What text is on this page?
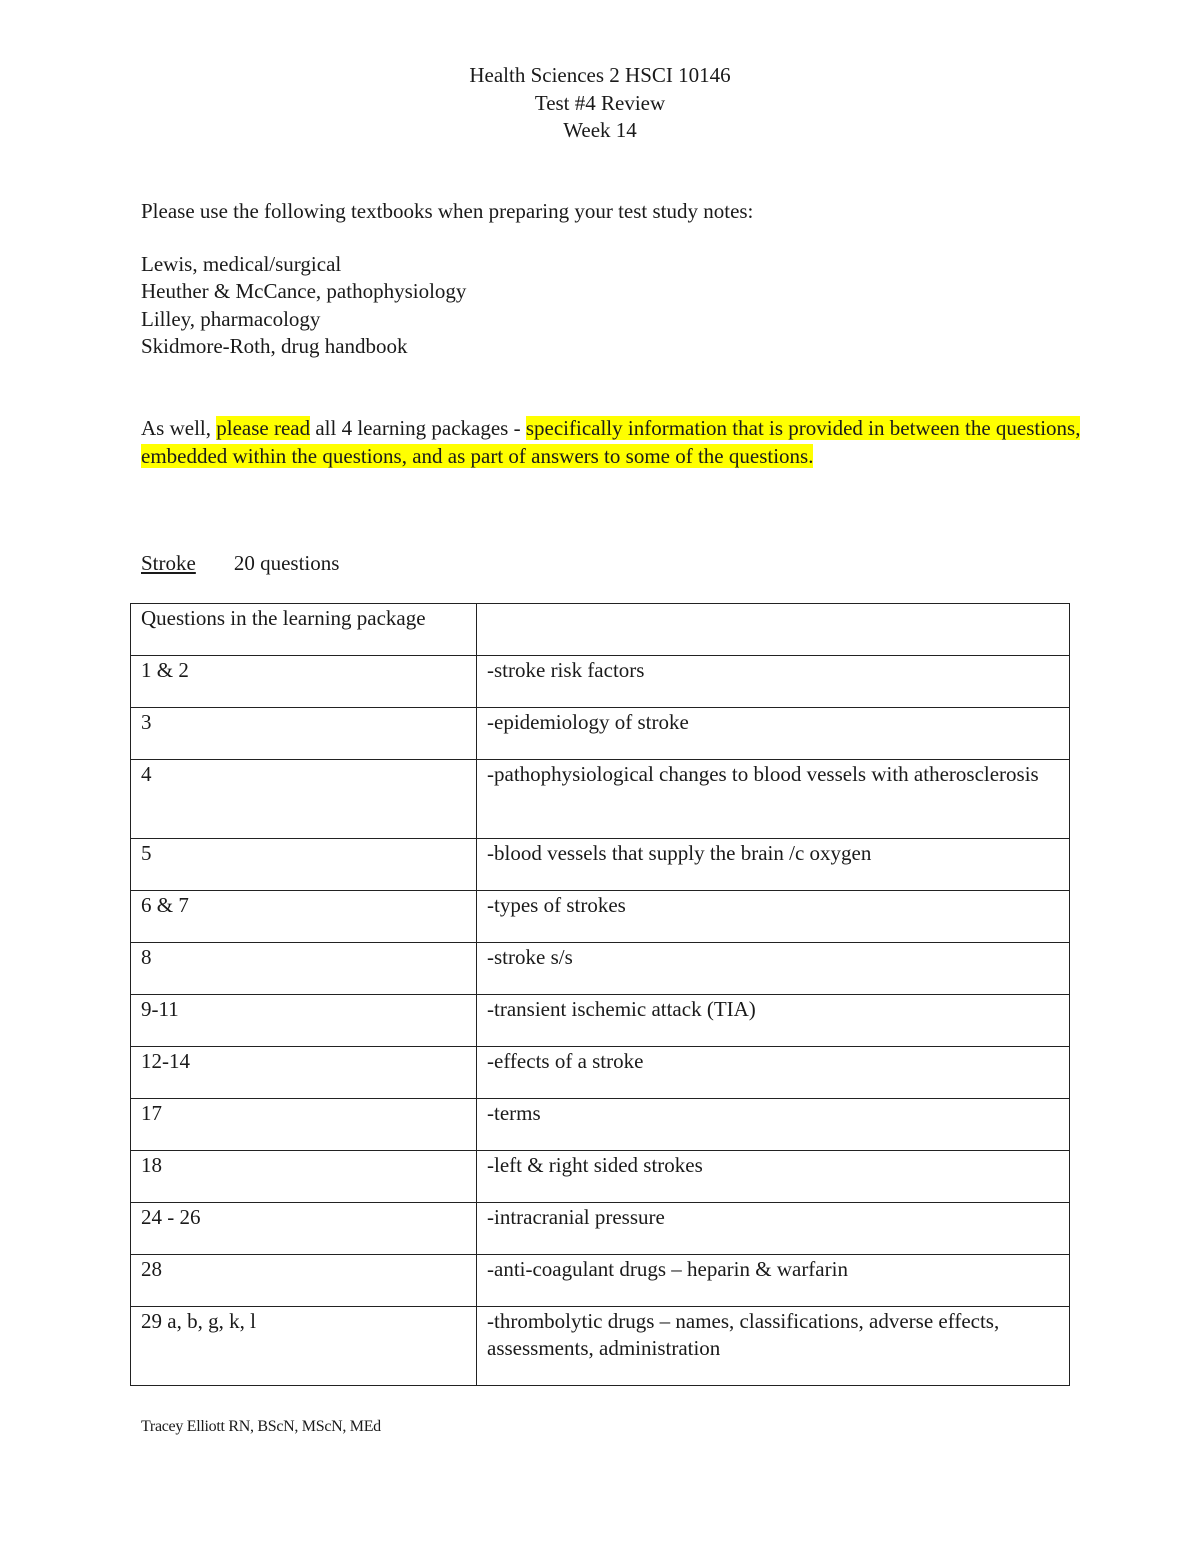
Health Sciences 2 HSCI 10146
Test #4 Review
Week 14
Please use the following textbooks when preparing your test study notes:
Lewis, medical/surgical
Heuther & McCance, pathophysiology
Lilley, pharmacology
Skidmore-Roth, drug handbook
As well, please read all 4 learning packages - specifically information that is provided in between the questions, embedded within the questions, and as part of answers to some of the questions.
Stroke 20 questions
Questions in the learning package	
1 & 2	-stroke risk factors
3	-epidemiology of stroke
4	-pathophysiological changes to blood vessels with atherosclerosis
5	-blood vessels that supply the brain /c oxygen
6 & 7	-types of strokes
8	-stroke s/s
9-11	-transient ischemic attack (TIA)
12-14	-effects of a stroke
17	-terms
18	-left & right sided strokes
24 - 26	-intracranial pressure
28	-anti-coagulant drugs – heparin & warfarin
29 a, b, g, k, l	-thrombolytic drugs – names, classifications, adverse effects, assessments, administration
Tracey Elliott RN, BScN, MScN, MEd
